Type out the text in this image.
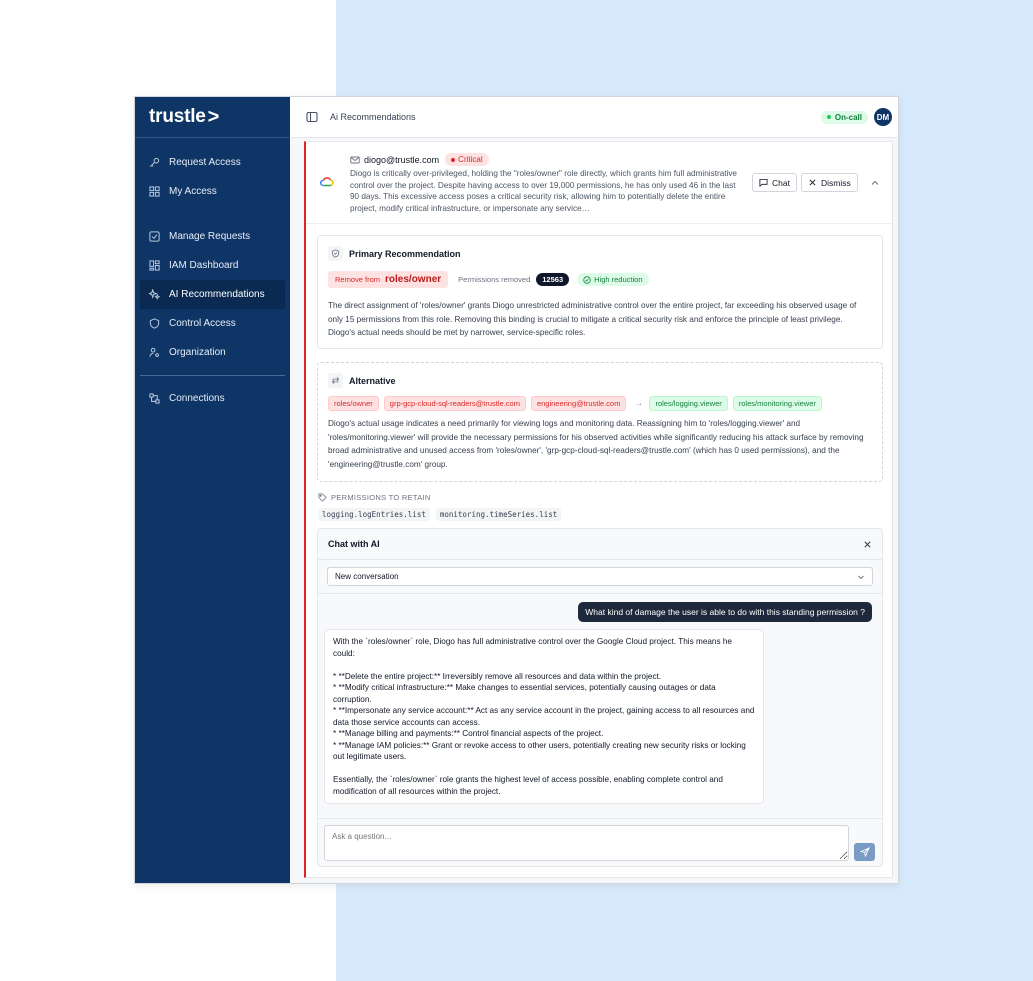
trustle >
Request Access
My Access
Manage Requests
IAM Dashboard
AI Recommendations
Control Access
Organization
Connections
Ai Recommendations	On-call	DM
diogo@trustle.com Critical
Diogo is critically over-privileged, holding the "roles/owner" role directly, which grants him full administrative control over the project. Despite having access to over 19,000 permissions, he has only used 46 in the last 90 days. This excessive access poses a critical security risk, allowing him to potentially delete the entire project, modify critical infrastructure, or impersonate any service…
Chat	Dismiss
Primary Recommendation
Remove from roles/owner Permissions removed	12563	High reduction
The direct assignment of 'roles/owner' grants Diogo unrestricted administrative control over the entire project, far exceeding his observed usage of only 15 permissions from this role. Removing this binding is crucial to mitigate a critical security risk and enforce the principle of least privilege. Diogo's actual needs should be met by narrower, service-specific roles.
Alternative
roles/owner	grp-gcp-cloud-sql-readers@trustle.com	engineering@trustle.com	→	roles/logging.viewer	roles/monitoring.viewer
Diogo's actual usage indicates a need primarily for viewing logs and monitoring data. Reassigning him to 'roles/logging.viewer' and 'roles/monitoring.viewer' will provide the necessary permissions for his observed activities while significantly reducing his attack surface by removing broad administrative and unused access from 'roles/owner', 'grp-gcp-cloud-sql-readers@trustle.com' (which has 0 used permissions), and the 'engineering@trustle.com' group.
PERMISSIONS TO RETAIN
logging.logEntries.list	monitoring.timeSeries.list
Chat with AI
New conversation
What kind of damage the user is able to do with this standing permission ?

With the `roles/owner` role, Diogo has full administrative control over the Google Cloud project. This means he could:

* **Delete the entire project:** Irreversibly remove all resources and data within the project.

* **Modify critical infrastructure:** Make changes to essential services, potentially causing outages or data corruption.

* **Impersonate any service account:** Act as any service account in the project, gaining access to all resources and data those service accounts can access.

* **Manage billing and payments:** Control financial aspects of the project.

* **Manage IAM policies:** Grant or revoke access to other users, potentially creating new security risks or locking out legitimate users.

Essentially, the `roles/owner` role grants the highest level of access possible, enabling complete control and modification of all resources within the project.

Ask a question...
